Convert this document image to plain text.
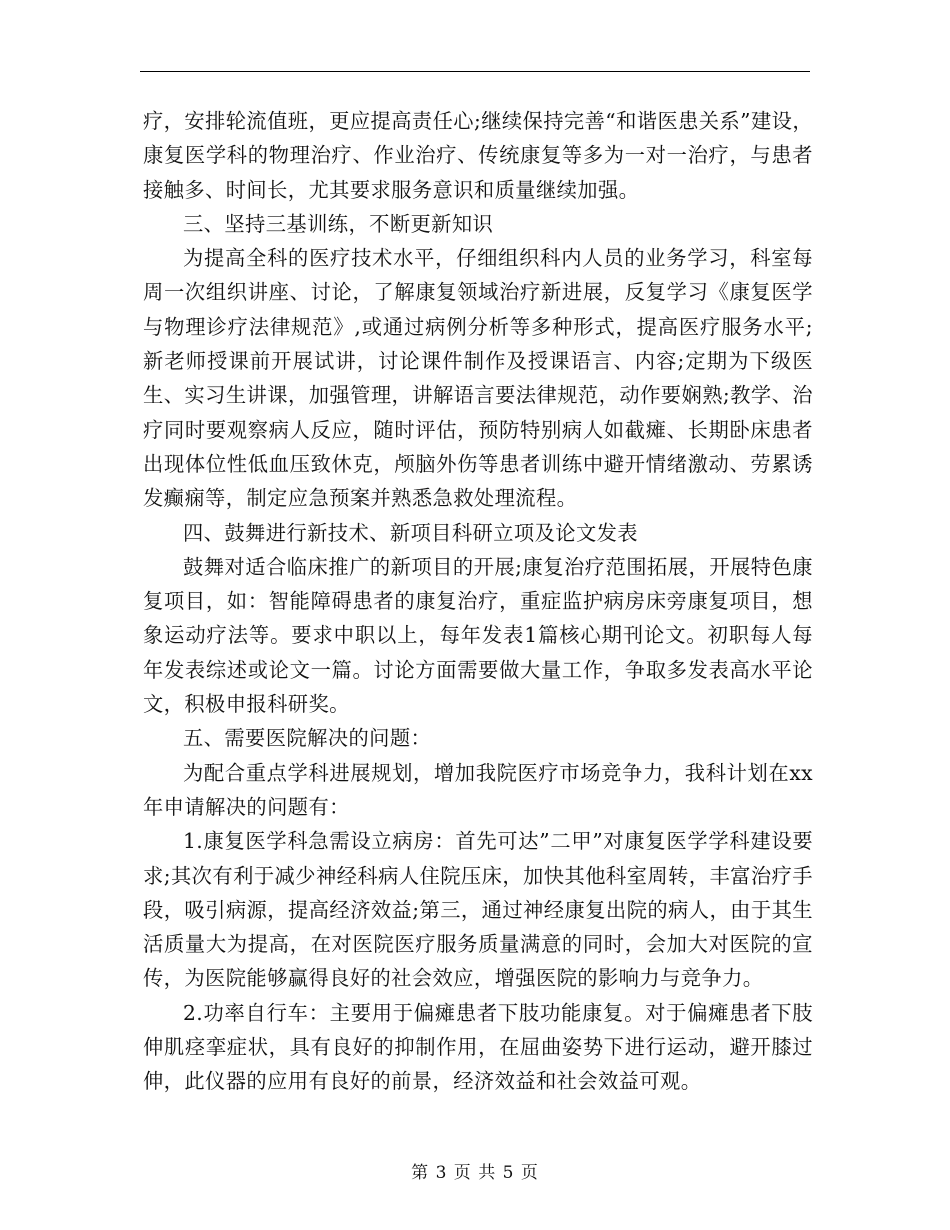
疗，安排轮流值班，更应提高责任心;继续保持完善“和谐医患关系”建设，康复医学科的物理治疗、作业治疗、传统康复等多为一对一治疗，与患者接触多、时间长，尤其要求服务意识和质量继续加强。

三、坚持三基训练，不断更新知识

为提高全科的医疗技术水平，仔细组织科内人员的业务学习，科室每周一次组织讲座、讨论，了解康复领域治疗新进展，反复学习《康复医学与物理诊疗法律规范》,或通过病例分析等多种形式，提高医疗服务水平;新老师授课前开展试讲，讨论课件制作及授课语言、内容;定期为下级医生、实习生讲课，加强管理，讲解语言要法律规范，动作要娴熟;教学、治疗同时要观察病人反应，随时评估，预防特别病人如截瘫、长期卧床患者出现体位性低血压致休克，颅脑外伤等患者训练中避开情绪激动、劳累诱发癫痫等，制定应急预案并熟悉急救处理流程。

四、鼓舞进行新技术、新项目科研立项及论文发表

鼓舞对适合临床推广的新项目的开展;康复治疗范围拓展，开展特色康复项目，如：智能障碍患者的康复治疗，重症监护病房床旁康复项目，想象运动疗法等。要求中职以上，每年发表1篇核心期刊论文。初职每人每年发表综述或论文一篇。讨论方面需要做大量工作，争取多发表高水平论文，积极申报科研奖。

五、需要医院解决的问题：

为配合重点学科进展规划，增加我院医疗市场竞争力，我科计划在xx年申请解决的问题有：

1.康复医学科急需设立病房：首先可达”二甲”对康复医学学科建设要求;其次有利于减少神经科病人住院压床，加快其他科室周转，丰富治疗手段，吸引病源，提高经济效益;第三，通过神经康复出院的病人，由于其生活质量大为提高，在对医院医疗服务质量满意的同时，会加大对医院的宣传，为医院能够赢得良好的社会效应，增强医院的影响力与竞争力。

2.功率自行车：主要用于偏瘫患者下肢功能康复。对于偏瘫患者下肢伸肌痉挛症状，具有良好的抑制作用，在屈曲姿势下进行运动，避开膝过伸，此仪器的应用有良好的前景，经济效益和社会效益可观。

第 3 页 共 5 页
